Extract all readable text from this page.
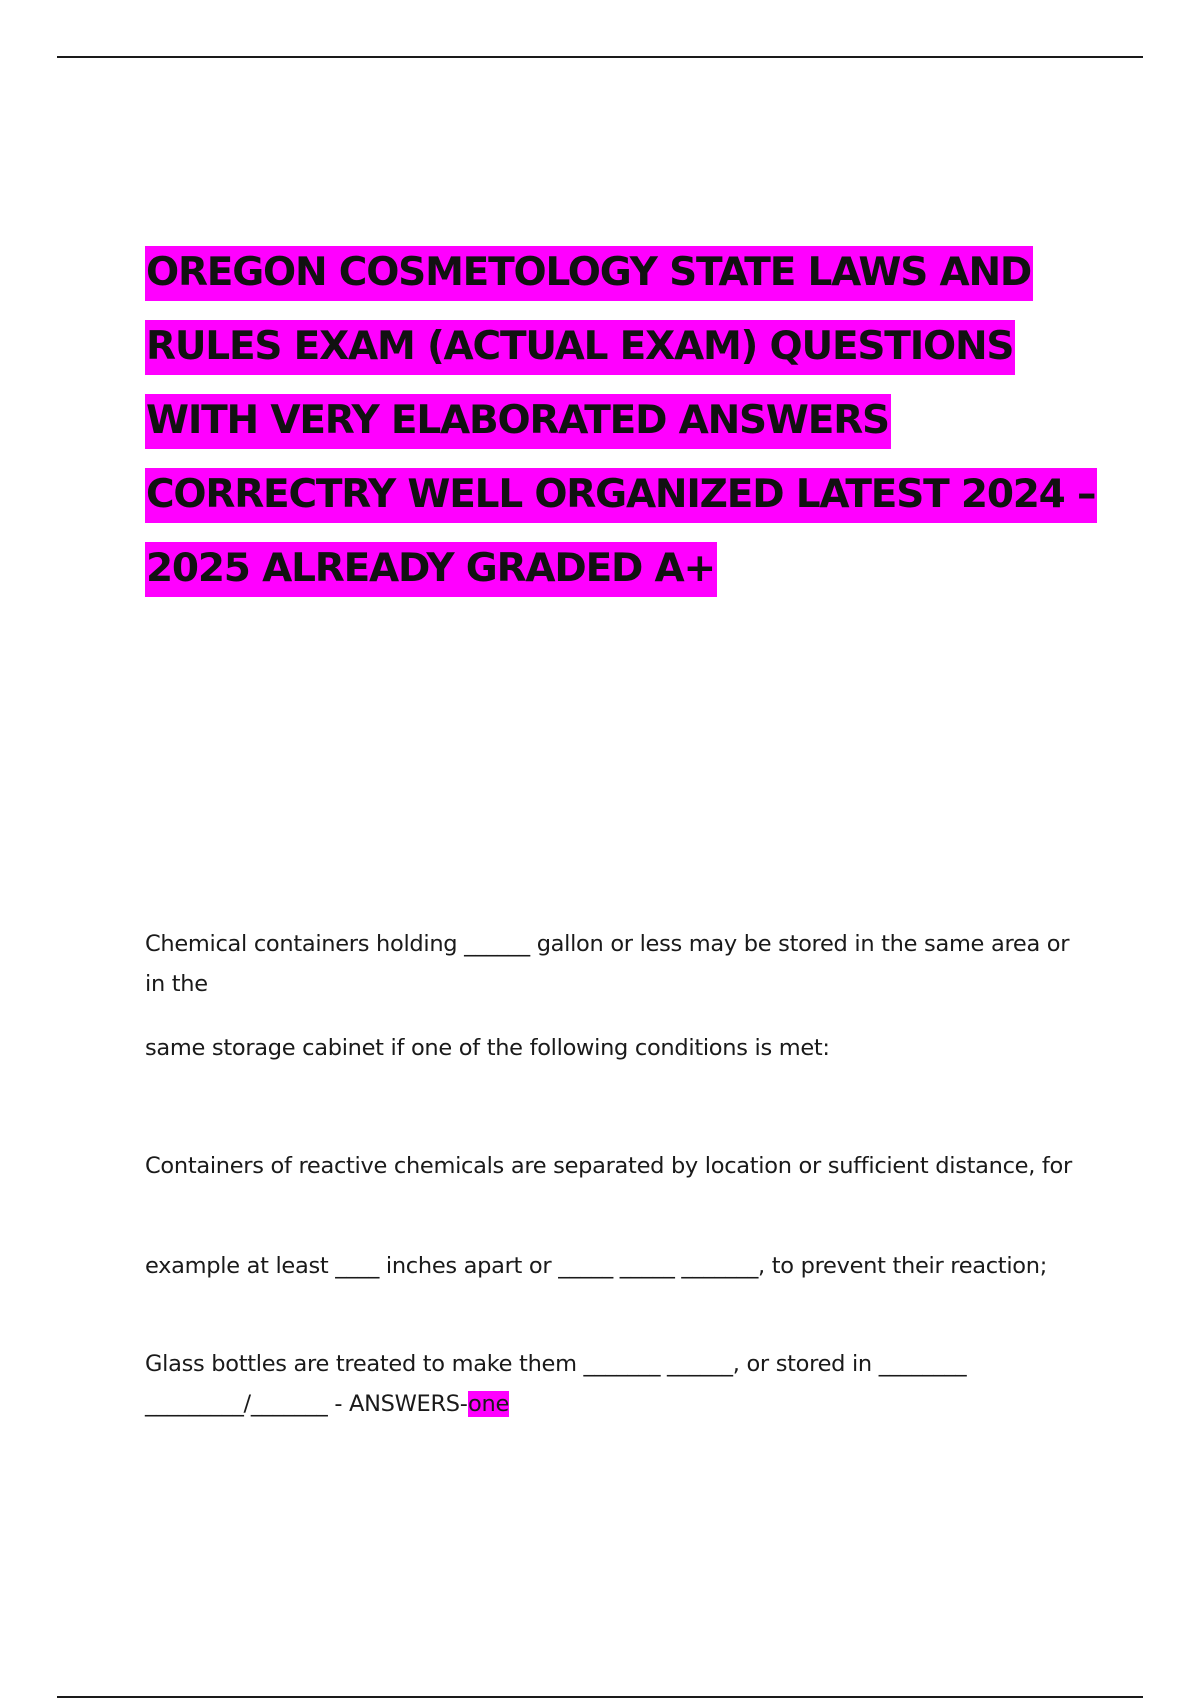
OREGON COSMETOLOGY STATE LAWS AND RULES EXAM (ACTUAL EXAM) QUESTIONS WITH VERY ELABORATED ANSWERS CORRECTRY WELL ORGANIZED LATEST 2024 – 2025 ALREADY GRADED A+

Chemical containers holding ______ gallon or less may be stored in the same area or in the

same storage cabinet if one of the following conditions is met:

Containers of reactive chemicals are separated by location or sufficient distance, for

example at least ____ inches apart or _____ _____ _______, to prevent their reaction;

Glass bottles are treated to make them _______ ______, or stored in ________ _________/_______ - ANSWERS-one
